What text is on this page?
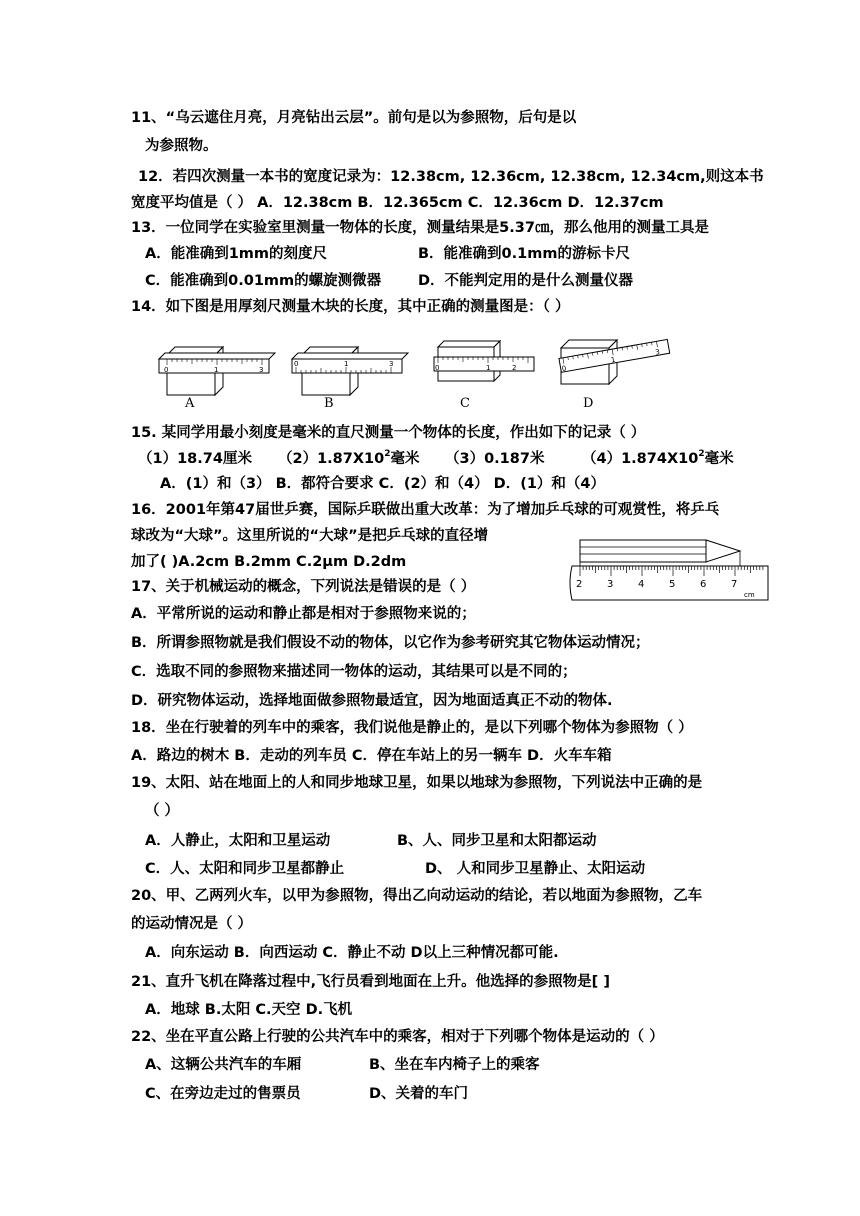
11、“乌云遮住月亮，月亮钻出云层”。前句是以为参照物，后句是以
为参照物。
12．若四次测量一本书的宽度记录为：12.38cm, 12.36cm, 12.38cm, 12.34cm,则这本书
宽度平均值是（ ） A．12.38cm B．12.365cm C．12.36cm D．12.37cm
13．一位同学在实验室里测量一物体的长度，测量结果是5.37㎝，那么他用的测量工具是
A．能准确到1mm的刻度尺	B．能准确到0.1mm的游标卡尺
C．能准确到0.01mm的螺旋测微器	D．不能判定用的是什么测量仪器
14．如下图是用厚刻尺测量木块的长度，其中正确的测量图是：（ ）
0	1	3
A
0	1	3
B
0	1	2
C
0
1
3
D
15. 某同学用最小刻度是毫米的直尺测量一个物体的长度，作出如下的记录（ ）
（1）18.74厘米 $(2)1.87X10^2$毫米 （3）0.187米	$(4)1.874X10^2$毫米
A．(1）和（3） B．都符合要求 C．(2）和（4） D．(1）和（4）
16．2001年第47届世乒赛，国际乒联做出重大改革：为了增加乒乓球的可观赏性，将乒乓
球改为“大球”。这里所说的“大球”是把乒乓球的直径增
加了( )A.2cm B.2mm C.2μm D.2dm
2 3 4 5 6 7
cm
17、关于机械运动的概念，下列说法是错误的是（ ）
A．平常所说的运动和静止都是相对于参照物来说的；
B．所谓参照物就是我们假设不动的物体，以它作为参考研究其它物体运动情况；
C．选取不同的参照物来描述同一物体的运动，其结果可以是不同的；
D．研究物体运动，选择地面做参照物最适宜，因为地面适真正不动的物体.
18．坐在行驶着的列车中的乘客，我们说他是静止的，是以下列哪个物体为参照物（ ）
A．路边的树木 B．走动的列车员 C．停在车站上的另一辆车 D．火车车箱
19、太阳、站在地面上的人和同步地球卫星，如果以地球为参照物，下列说法中正确的是
（ ）
A．人静止，太阳和卫星运动	B、人、同步卫星和太阳都运动
C．人、太阳和同步卫星都静止	D、 人和同步卫星静止、太阳运动
20、甲、乙两列火车，以甲为参照物，得出乙向动运动的结论，若以地面为参照物，乙车
的运动情况是（ ）
A．向东运动 B．向西运动 C．静止不动 D以上三种情况都可能.
21、直升飞机在降落过程中,飞行员看到地面在上升。他选择的参照物是[ ]
A．地球 B.太阳 C.天空 D.飞机
22、坐在平直公路上行驶的公共汽车中的乘客，相对于下列哪个物体是运动的（ ）
A、这辆公共汽车的车厢	B、坐在车内椅子上的乘客
C、在旁边走过的售票员	D、关着的车门
